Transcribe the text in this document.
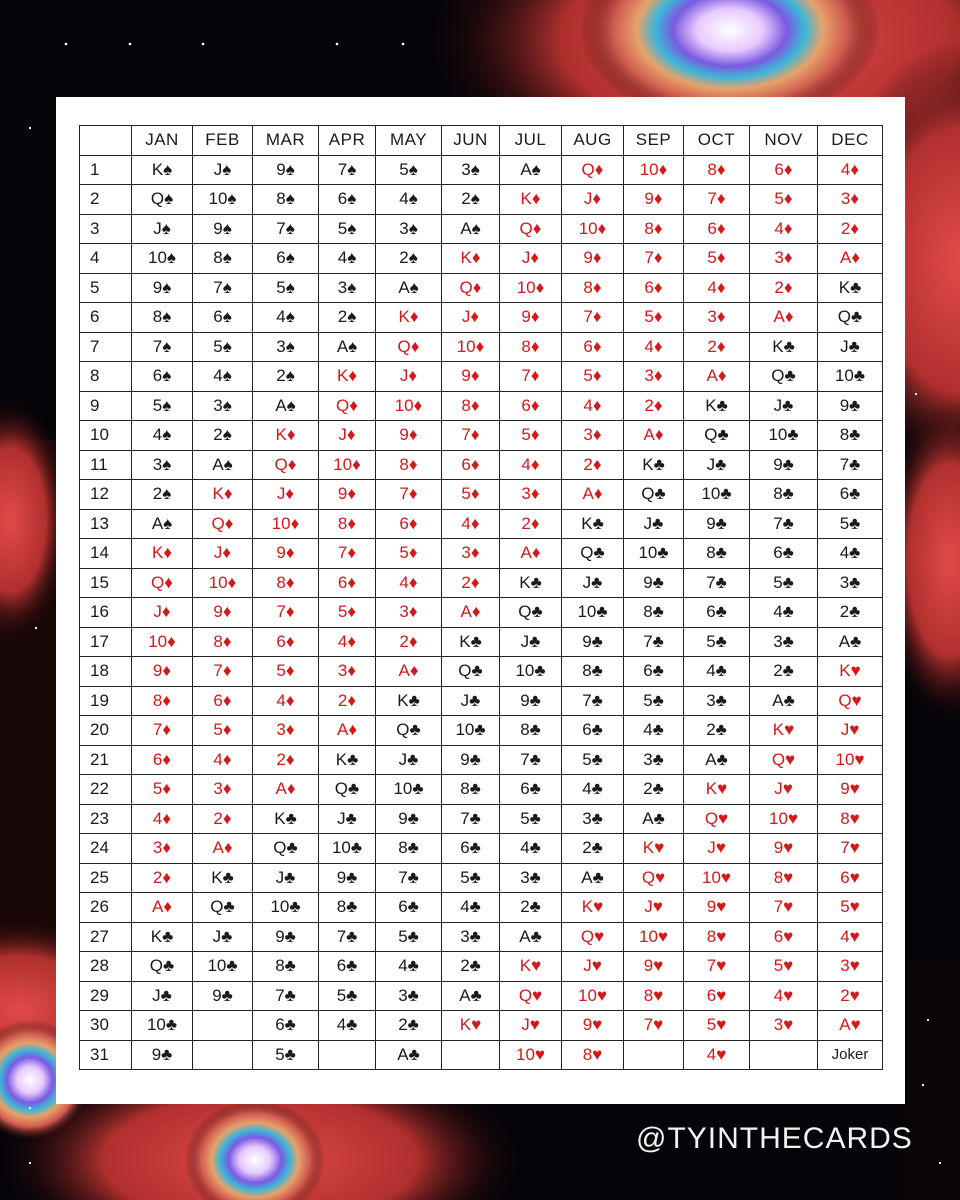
	JAN	FEB	MAR	APR	MAY	JUN	JUL	AUG	SEP	OCT	NOV	DEC
1	K♠	J♠	9♠	7♠	5♠	3♠	A♠	Q♦	10♦	8♦	6♦	4♦
2	Q♠	10♠	8♠	6♠	4♠	2♠	K♦	J♦	9♦	7♦	5♦	3♦
3	J♠	9♠	7♠	5♠	3♠	A♠	Q♦	10♦	8♦	6♦	4♦	2♦
4	10♠	8♠	6♠	4♠	2♠	K♦	J♦	9♦	7♦	5♦	3♦	A♦
5	9♠	7♠	5♠	3♠	A♠	Q♦	10♦	8♦	6♦	4♦	2♦	K♣
6	8♠	6♠	4♠	2♠	K♦	J♦	9♦	7♦	5♦	3♦	A♦	Q♣
7	7♠	5♠	3♠	A♠	Q♦	10♦	8♦	6♦	4♦	2♦	K♣	J♣
8	6♠	4♠	2♠	K♦	J♦	9♦	7♦	5♦	3♦	A♦	Q♣	10♣
9	5♠	3♠	A♠	Q♦	10♦	8♦	6♦	4♦	2♦	K♣	J♣	9♣
10	4♠	2♠	K♦	J♦	9♦	7♦	5♦	3♦	A♦	Q♣	10♣	8♣
11	3♠	A♠	Q♦	10♦	8♦	6♦	4♦	2♦	K♣	J♣	9♣	7♣
12	2♠	K♦	J♦	9♦	7♦	5♦	3♦	A♦	Q♣	10♣	8♣	6♣
13	A♠	Q♦	10♦	8♦	6♦	4♦	2♦	K♣	J♣	9♣	7♣	5♣
14	K♦	J♦	9♦	7♦	5♦	3♦	A♦	Q♣	10♣	8♣	6♣	4♣
15	Q♦	10♦	8♦	6♦	4♦	2♦	K♣	J♣	9♣	7♣	5♣	3♣
16	J♦	9♦	7♦	5♦	3♦	A♦	Q♣	10♣	8♣	6♣	4♣	2♣
17	10♦	8♦	6♦	4♦	2♦	K♣	J♣	9♣	7♣	5♣	3♣	A♣
18	9♦	7♦	5♦	3♦	A♦	Q♣	10♣	8♣	6♣	4♣	2♣	K♥
19	8♦	6♦	4♦	2♦	K♣	J♣	9♣	7♣	5♣	3♣	A♣	Q♥
20	7♦	5♦	3♦	A♦	Q♣	10♣	8♣	6♣	4♣	2♣	K♥	J♥
21	6♦	4♦	2♦	K♣	J♣	9♣	7♣	5♣	3♣	A♣	Q♥	10♥
22	5♦	3♦	A♦	Q♣	10♣	8♣	6♣	4♣	2♣	K♥	J♥	9♥
23	4♦	2♦	K♣	J♣	9♣	7♣	5♣	3♣	A♣	Q♥	10♥	8♥
24	3♦	A♦	Q♣	10♣	8♣	6♣	4♣	2♣	K♥	J♥	9♥	7♥
25	2♦	K♣	J♣	9♣	7♣	5♣	3♣	A♣	Q♥	10♥	8♥	6♥
26	A♦	Q♣	10♣	8♣	6♣	4♣	2♣	K♥	J♥	9♥	7♥	5♥
27	K♣	J♣	9♣	7♣	5♣	3♣	A♣	Q♥	10♥	8♥	6♥	4♥
28	Q♣	10♣	8♣	6♣	4♣	2♣	K♥	J♥	9♥	7♥	5♥	3♥
29	J♣	9♣	7♣	5♣	3♣	A♣	Q♥	10♥	8♥	6♥	4♥	2♥
30	10♣		6♣	4♣	2♣	K♥	J♥	9♥	7♥	5♥	3♥	A♥
31	9♣		5♣		A♣		10♥	8♥		4♥		Joker
@TYINTHECARDS
